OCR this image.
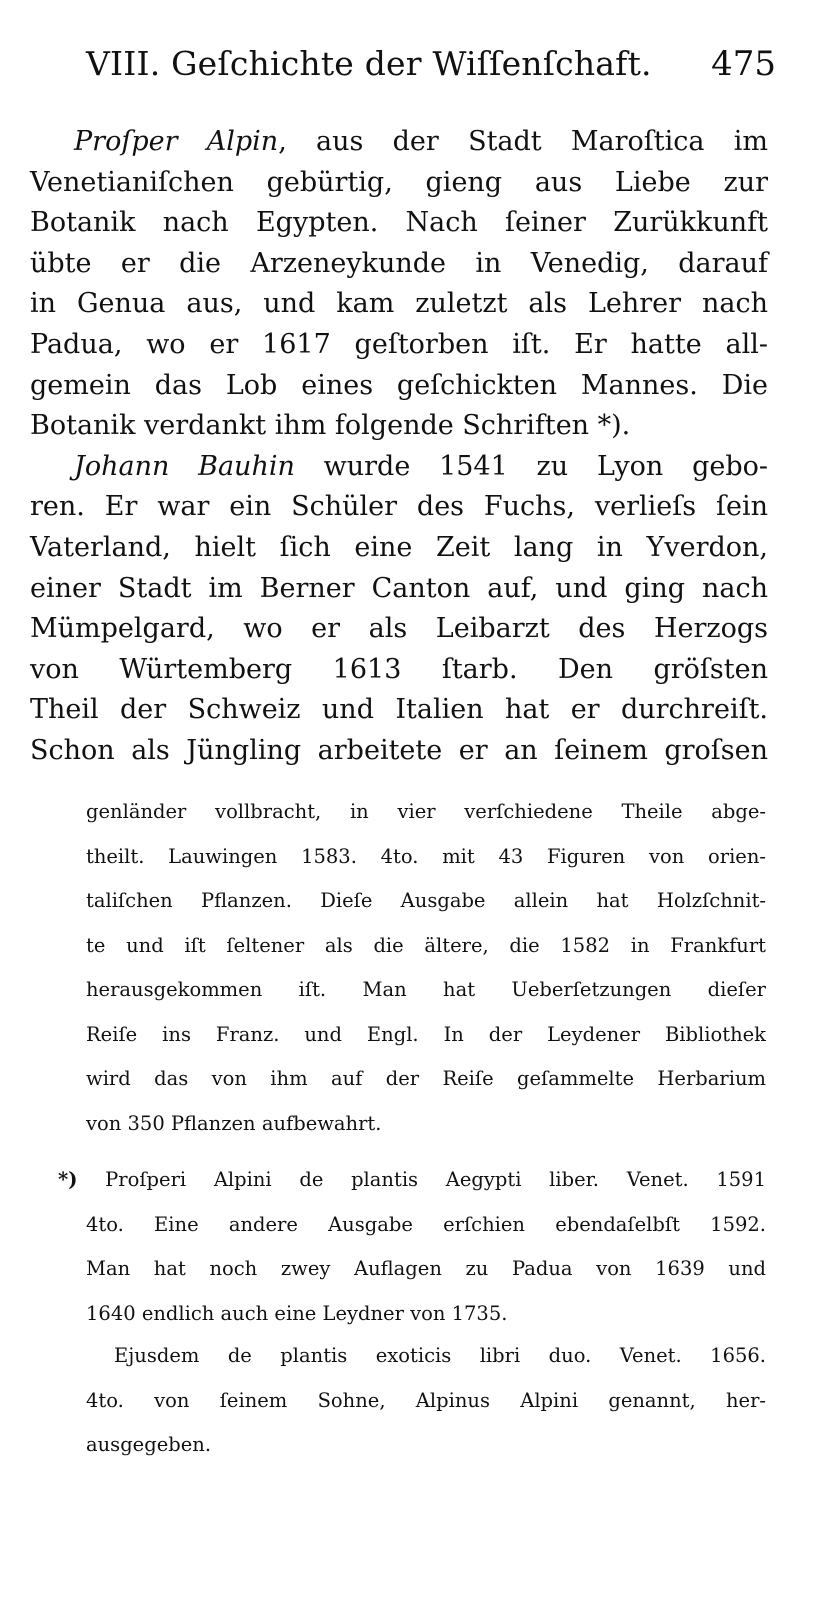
VIII. Geſchichte der Wiſſenſchaft. 475
Proſper Alpin, aus der Stadt Maroſtica im
Venetianiſchen gebürtig, gieng aus Liebe zur
Botanik nach Egypten. Nach ſeiner Zurükkunft
übte er die Arzeneykunde in Venedig, darauf
in Genua aus, und kam zuletzt als Lehrer nach
Padua, wo er 1617 geſtorben iſt. Er hatte all-
gemein das Lob eines geſchickten Mannes. Die
Botanik verdankt ihm folgende Schriften *).
Johann Bauhin wurde 1541 zu Lyon gebo-
ren. Er war ein Schüler des Fuchs, verlieſs ſein
Vaterland, hielt ſich eine Zeit lang in Yverdon,
einer Stadt im Berner Canton auf, und ging nach
Mümpelgard, wo er als Leibarzt des Herzogs
von Würtemberg 1613 ſtarb. Den gröſsten
Theil der Schweiz und Italien hat er durchreiſt.
Schon als Jüngling arbeitete er an ſeinem groſsen
genländer vollbracht, in vier verſchiedene Theile abge-
theilt. Lauwingen 1583. 4to. mit 43 Figuren von orien-
taliſchen Pflanzen. Dieſe Ausgabe allein hat Holzſchnit-
te und iſt ſeltener als die ältere, die 1582 in Frankfurt
herausgekommen iſt. Man hat Ueberſetzungen dieſer
Reiſe ins Franz. und Engl. In der Leydener Bibliothek
wird das von ihm auf der Reiſe geſammelte Herbarium
von 350 Pflanzen aufbewahrt.
*) Proſperi Alpini de plantis Aegypti liber. Venet. 1591
4to. Eine andere Ausgabe erſchien ebendaſelbſt 1592.
Man hat noch zwey Auflagen zu Padua von 1639 und
1640 endlich auch eine Leydner von 1735.
Ejusdem de plantis exoticis libri duo. Venet. 1656.
4to. von ſeinem Sohne, Alpinus Alpini genannt, her-
ausgegeben.
